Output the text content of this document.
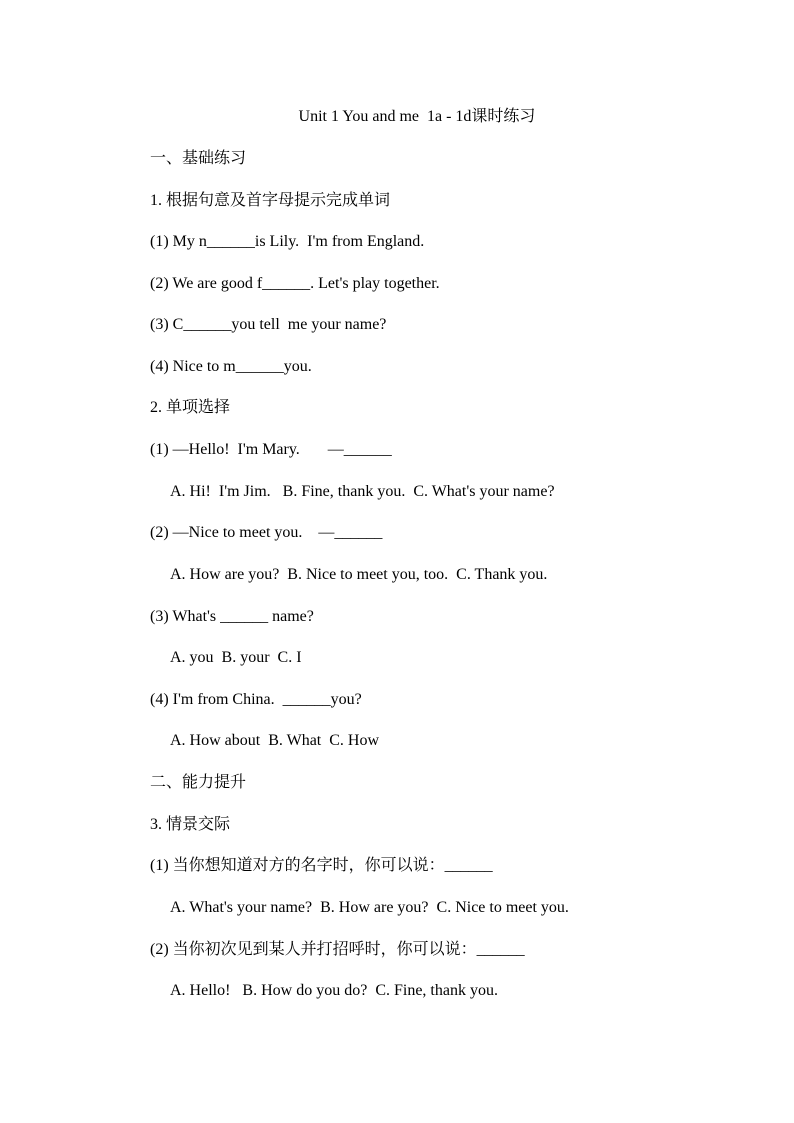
Unit 1 You and me  1a - 1d课时练习
一、基础练习
1. 根据句意及首字母提示完成单词
(1) My n______is Lily.  I'm from England.
(2) We are good f______. Let's play together.
(3) C______you tell  me your name?
(4) Nice to m______you.
2. 单项选择
(1) —Hello!  I'm Mary.       —______
A. Hi!  I'm Jim.   B. Fine, thank you.  C. What's your name?
(2) —Nice to meet you.    —______
A. How are you?  B. Nice to meet you, too.  C. Thank you.
(3) What's ______ name?
A. you  B. your  C. I
(4) I'm from China.  ______you?
A. How about  B. What  C. How
二、能力提升
3. 情景交际
(1) 当你想知道对方的名字时，你可以说：______
A. What's your name?  B. How are you?  C. Nice to meet you.
(2) 当你初次见到某人并打招呼时，你可以说：______
A. Hello!   B. How do you do?  C. Fine, thank you.
